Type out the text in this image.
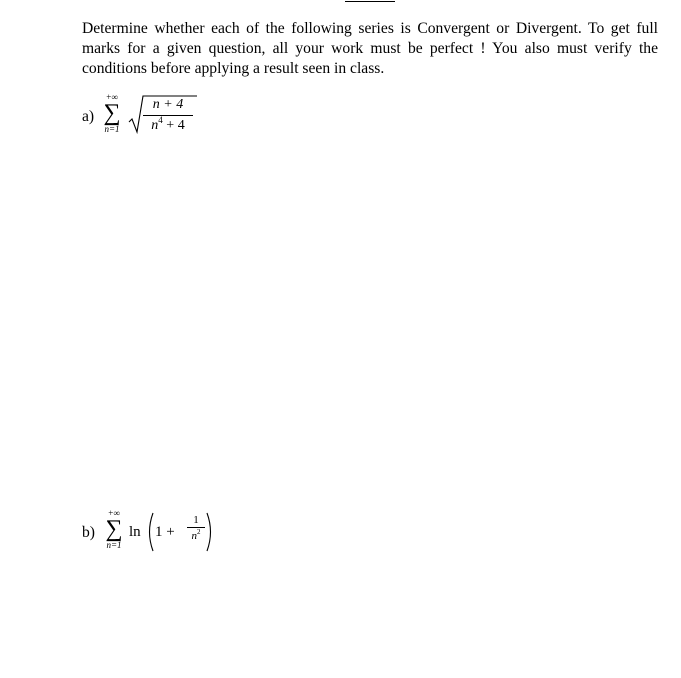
Determine whether each of the following series is Convergent or Divergent. To get full marks for a given question, all your work must be perfect ! You also must verify the conditions before applying a result seen in class.

a)
+∞
∑
n=1
n + 4
$n^4 + 4$
b)
+∞
∑
n=1
ln 1 +
1
$n^2$
